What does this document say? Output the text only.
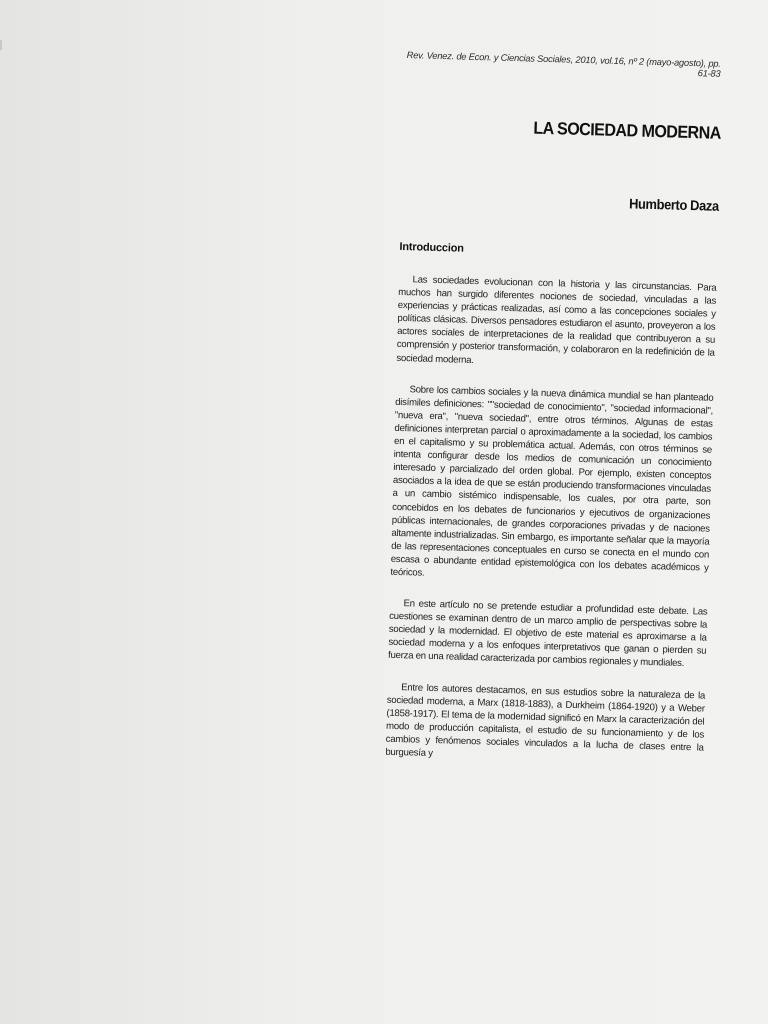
Rev. Venez. de Econ. y Ciencias Sociales, 2010, vol.16, nº 2 (mayo-agosto), pp. 61-83

LA SOCIEDAD MODERNA
Humberto Daza
Introduccion

Las sociedades evolucionan con la historia y las circunstancias. Para muchos han surgido diferentes nociones de sociedad, vinculadas a las experiencias y prácticas realizadas, así como a las concepciones sociales y políticas clásicas. Diversos pensadores estudiaron el asunto, proveyeron a los actores sociales de interpretaciones de la realidad que contribuyeron a su comprensión y posterior transformación, y colaboraron en la redefinición de la sociedad moderna.

Sobre los cambios sociales y la nueva dinámica mundial se han planteado disímiles definiciones: ""sociedad de conocimiento", "sociedad informacional", "nueva era", "nueva sociedad", entre otros términos. Algunas de estas definiciones interpretan parcial o aproximadamente a la sociedad, los cambios en el capitalismo y su problemática actual. Además, con otros términos se intenta configurar desde los medios de comunicación un conocimiento interesado y parcializado del orden global. Por ejemplo, existen conceptos asociados a la idea de que se están produciendo transformaciones vinculadas a un cambio sistémico indispensable, los cuales, por otra parte, son concebidos en los debates de funcionarios y ejecutivos de organizaciones públicas internacionales, de grandes corporaciones privadas y de naciones altamente industrializadas. Sin embargo, es importante señalar que la mayoría de las representaciones conceptuales en curso se conecta en el mundo con escasa o abundante entidad epistemológica con los debates académicos y teóricos.

En este artículo no se pretende estudiar a profundidad este debate. Las cuestiones se examinan dentro de un marco amplio de perspectivas sobre la sociedad y la modernidad. El objetivo de este material es aproximarse a la sociedad moderna y a los enfoques interpretativos que ganan o pierden su fuerza en una realidad caracterizada por cambios regionales y mundiales.

Entre los autores destacamos, en sus estudios sobre la naturaleza de la sociedad moderna, a Marx (1818-1883), a Durkheim (1864-1920) y a Weber (1858-1917). El tema de la modernidad significó en Marx la caracterización del modo de producción capitalista, el estudio de su funcionamiento y de los cambios y fenómenos sociales vinculados a la lucha de clases entre la burguesía y
